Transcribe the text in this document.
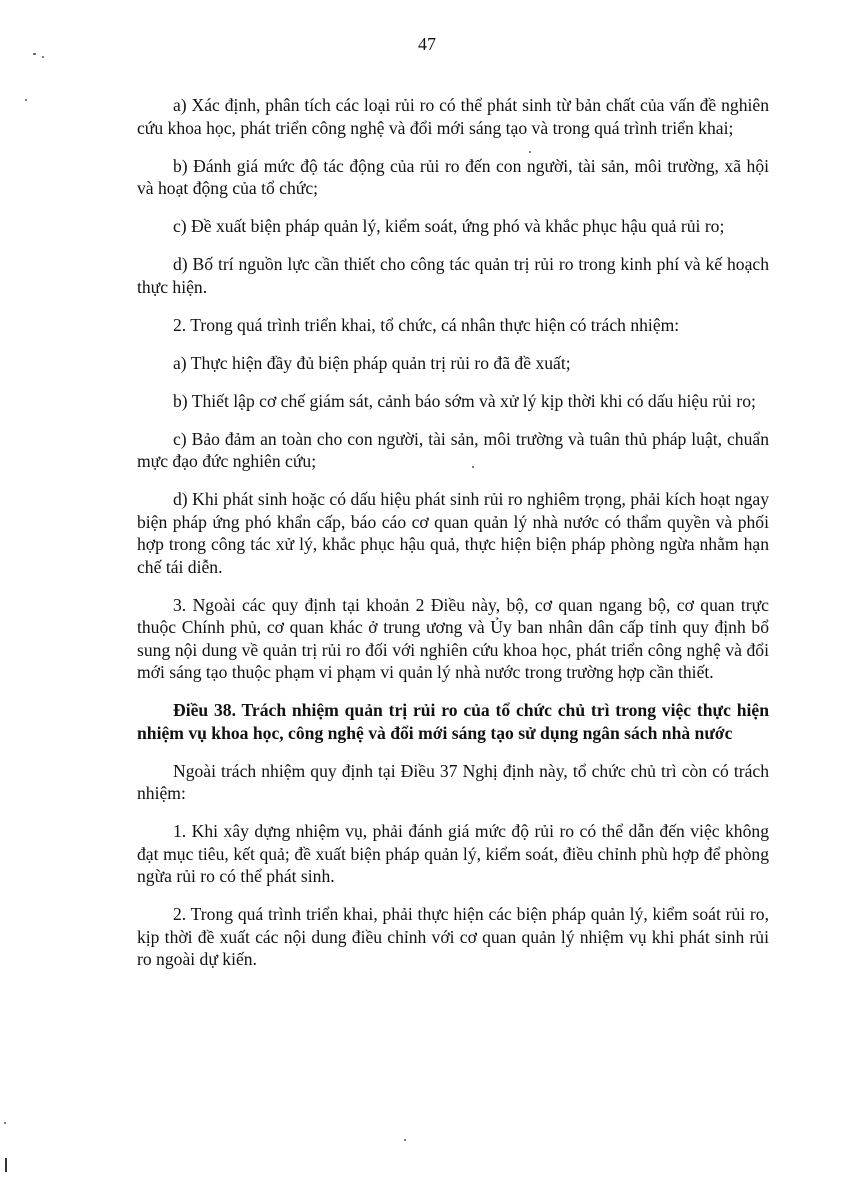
47

a) Xác định, phân tích các loại rủi ro có thể phát sinh từ bản chất của vấn đề nghiên cứu khoa học, phát triển công nghệ và đổi mới sáng tạo và trong quá trình triển khai;

b) Đánh giá mức độ tác động của rủi ro đến con người, tài sản, môi trường, xã hội và hoạt động của tổ chức;

c) Đề xuất biện pháp quản lý, kiểm soát, ứng phó và khắc phục hậu quả rủi ro;

d) Bố trí nguồn lực cần thiết cho công tác quản trị rủi ro trong kinh phí và kế hoạch thực hiện.

2. Trong quá trình triển khai, tổ chức, cá nhân thực hiện có trách nhiệm:

a) Thực hiện đầy đủ biện pháp quản trị rủi ro đã đề xuất;

b) Thiết lập cơ chế giám sát, cảnh báo sớm và xử lý kịp thời khi có dấu hiệu rủi ro;

c) Bảo đảm an toàn cho con người, tài sản, môi trường và tuân thủ pháp luật, chuẩn mực đạo đức nghiên cứu;

d) Khi phát sinh hoặc có dấu hiệu phát sinh rủi ro nghiêm trọng, phải kích hoạt ngay biện pháp ứng phó khẩn cấp, báo cáo cơ quan quản lý nhà nước có thẩm quyền và phối hợp trong công tác xử lý, khắc phục hậu quả, thực hiện biện pháp phòng ngừa nhằm hạn chế tái diễn.

3. Ngoài các quy định tại khoản 2 Điều này, bộ, cơ quan ngang bộ, cơ quan trực thuộc Chính phủ, cơ quan khác ở trung ương và Ủy ban nhân dân cấp tỉnh quy định bổ sung nội dung về quản trị rủi ro đối với nghiên cứu khoa học, phát triển công nghệ và đổi mới sáng tạo thuộc phạm vi phạm vi quản lý nhà nước trong trường hợp cần thiết.

Điều 38. Trách nhiệm quản trị rủi ro của tổ chức chủ trì trong việc thực hiện nhiệm vụ khoa học, công nghệ và đổi mới sáng tạo sử dụng ngân sách nhà nước

Ngoài trách nhiệm quy định tại Điều 37 Nghị định này, tổ chức chủ trì còn có trách nhiệm:

1. Khi xây dựng nhiệm vụ, phải đánh giá mức độ rủi ro có thể dẫn đến việc không đạt mục tiêu, kết quả; đề xuất biện pháp quản lý, kiểm soát, điều chỉnh phù hợp để phòng ngừa rủi ro có thể phát sinh.

2. Trong quá trình triển khai, phải thực hiện các biện pháp quản lý, kiểm soát rủi ro, kịp thời đề xuất các nội dung điều chỉnh với cơ quan quản lý nhiệm vụ khi phát sinh rủi ro ngoài dự kiến.
